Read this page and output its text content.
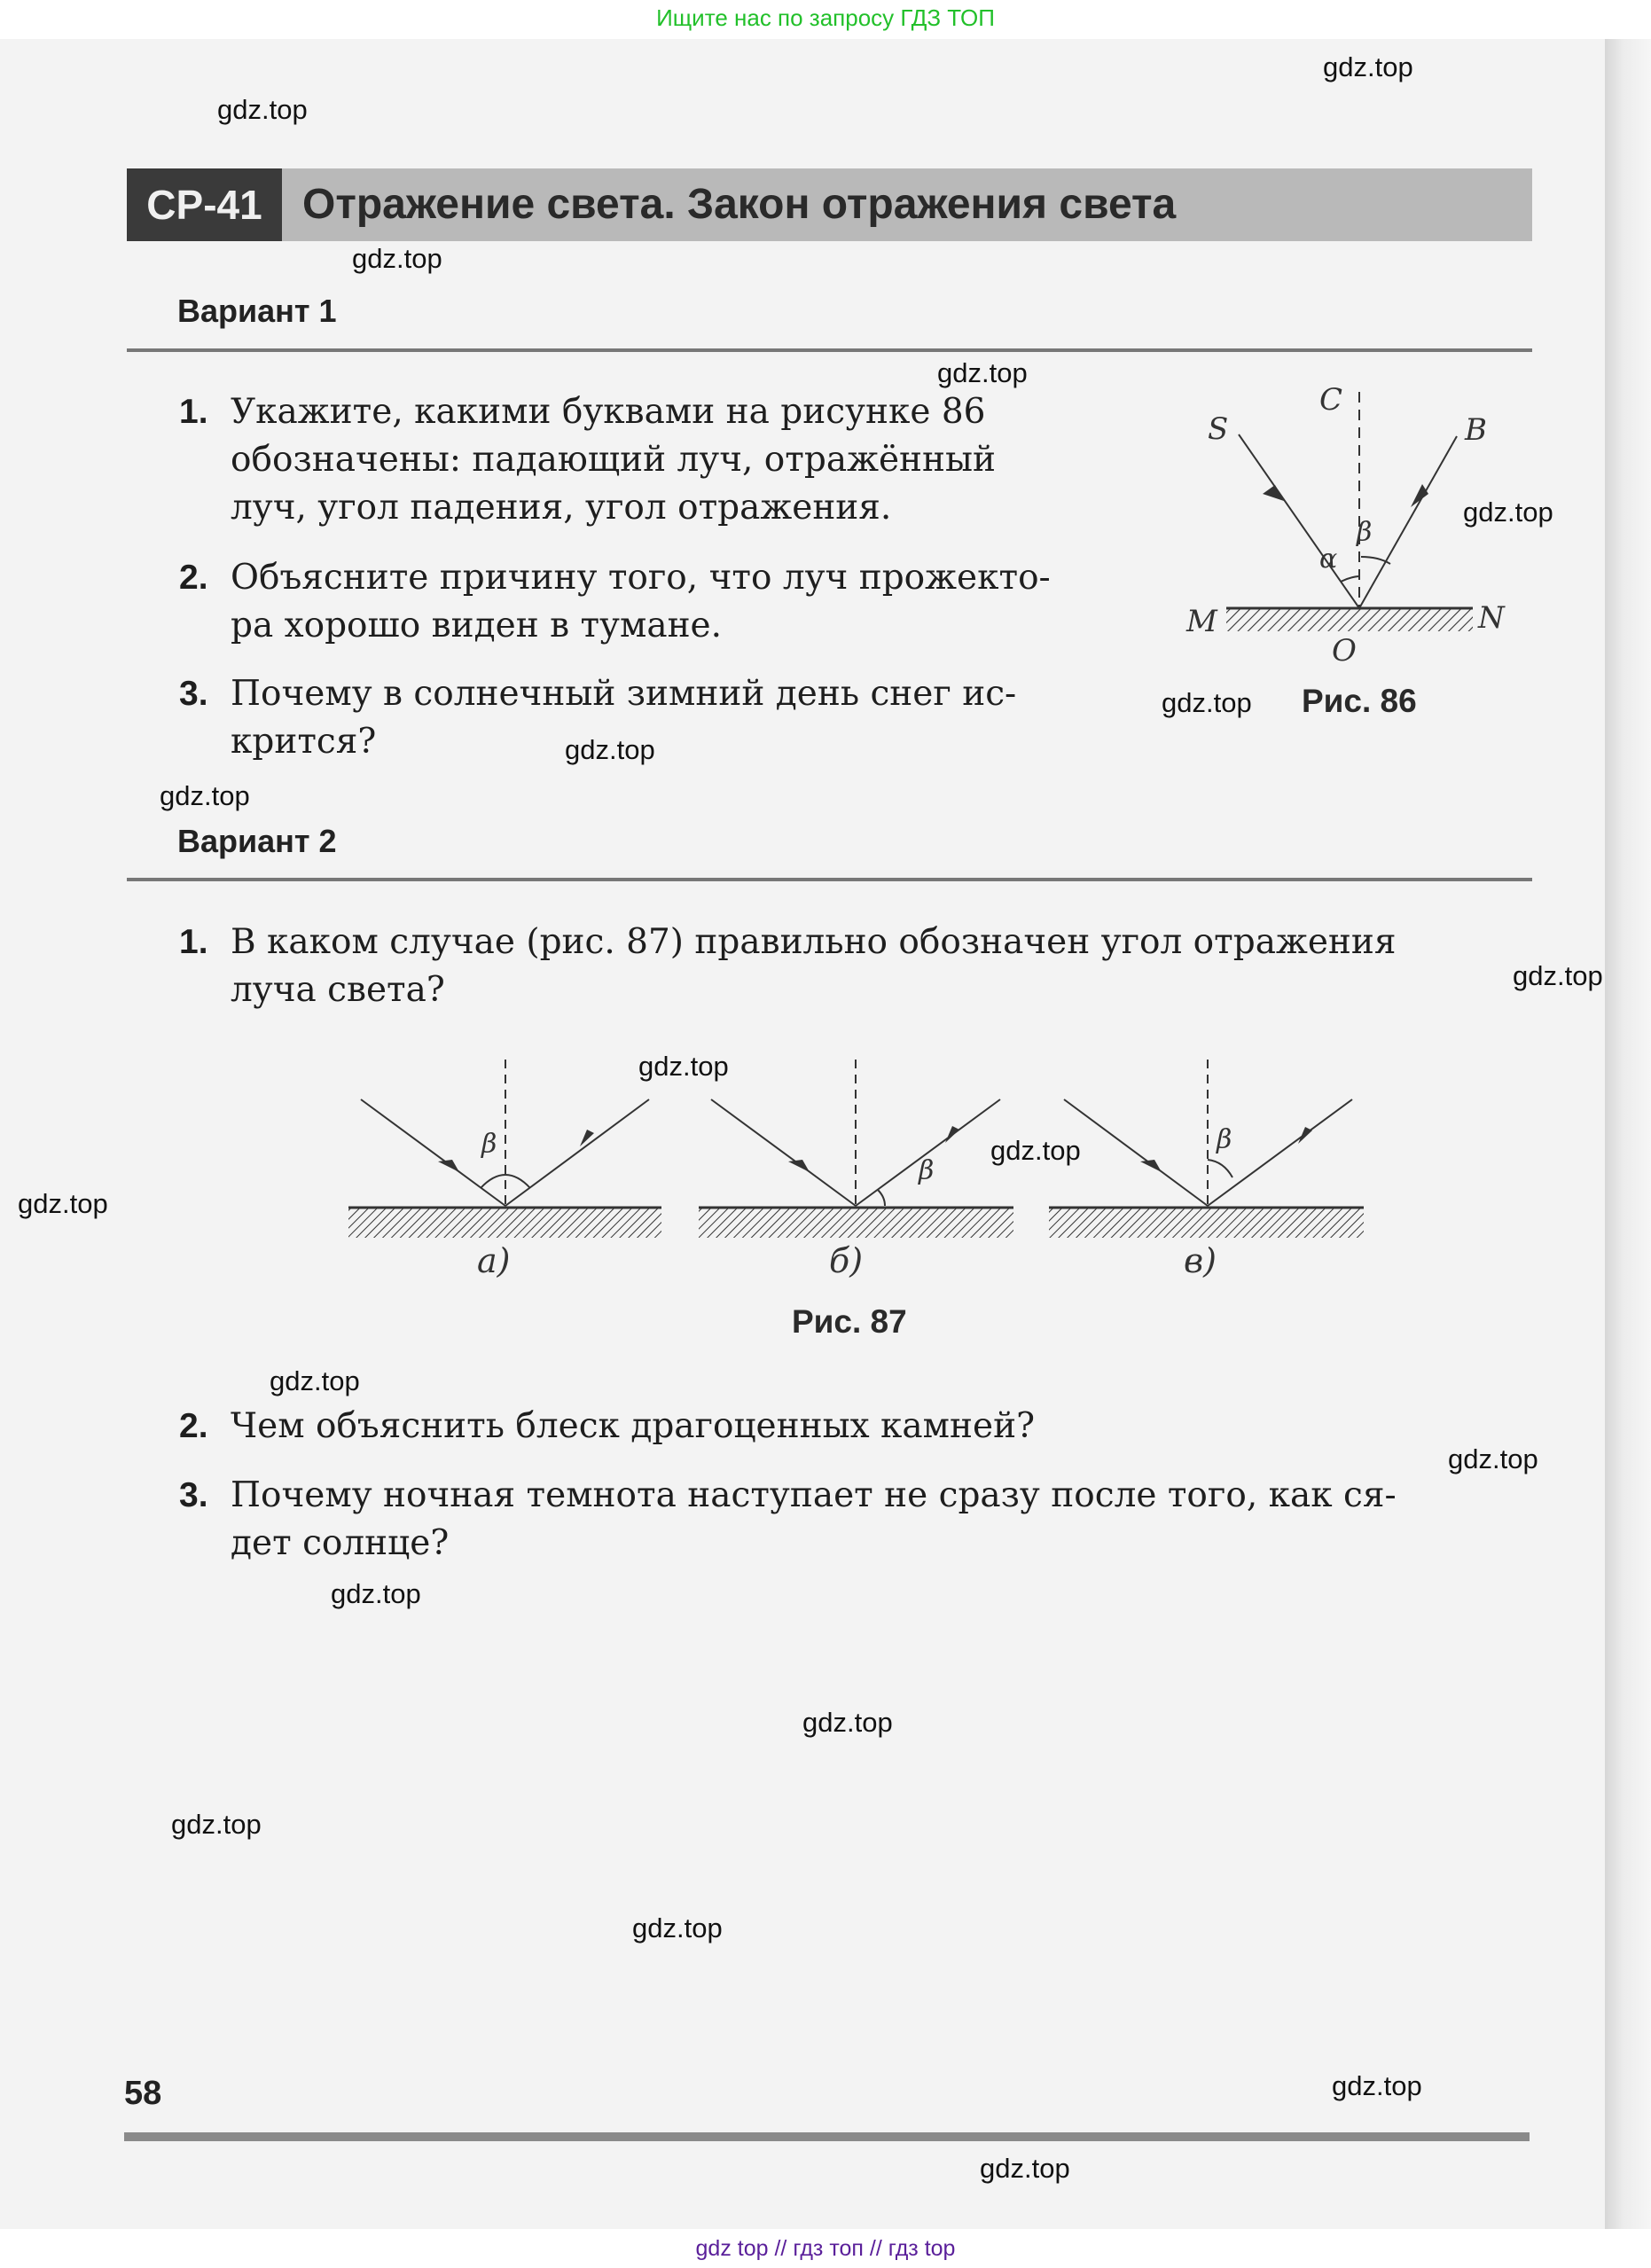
Ищите нас по запросу ГДЗ ТОП
СР-41 Отражение света. Закон отражения света
Вариант 1
1. Укажите, какими буквами на рисунке 86
обозначены: падающий луч, отражённый
луч, угол падения, угол отражения.
2. Объясните причину того, что луч прожекто-
ра хорошо виден в тумане.
3. Почему в солнечный зимний день снег ис-
крится?
C
S	B
M	N
O
α
β
Рис. 86
Вариант 2
1. В каком случае (рис. 87) правильно обозначен угол отражения
луча света?
β
β
β
а)	б)	в)
Рис. 87
2. Чем объяснить блеск драгоценных камней?
3. Почему ночная темнота наступает не сразу после того, как ся-
дет солнце?
58
gdz.top
gdz.top
gdz.top
gdz.top
gdz.top
gdz.top
gdz.top
gdz.top
gdz.top
gdz.top
gdz.top
gdz.top
gdz.top
gdz.top
gdz.top
gdz.top
gdz.top
gdz.top
gdz.top
gdz.top
gdz top // гдз топ // гдз top
